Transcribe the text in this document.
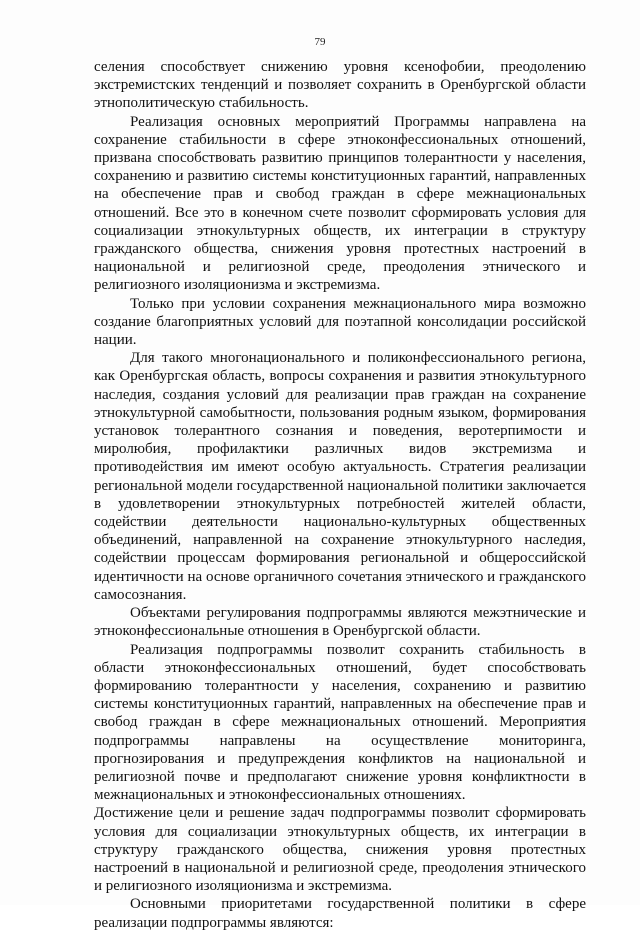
79

селения способствует снижению уровня ксенофобии, преодолению экстремистских тенденций и позволяет сохранить в Оренбургской области этнополитическую стабильность.

Реализация основных мероприятий Программы направлена на сохранение стабильности в сфере этноконфессиональных отношений, призвана способствовать развитию принципов толерантности у населения, сохранению и развитию системы конституционных гарантий, направленных на обеспечение прав и свобод граждан в сфере межнациональных отношений. Все это в конечном счете позволит сформировать условия для социализации этнокультурных обществ, их интеграции в структуру гражданского общества, снижения уровня протестных настроений в национальной и религиозной среде, преодоления этнического и религиозного изоляционизма и экстремизма.

Только при условии сохранения межнационального мира возможно создание благоприятных условий для поэтапной консолидации российской нации.

Для такого многонационального и поликонфессионального региона, как Оренбургская область, вопросы сохранения и развития этнокультурного наследия, создания условий для реализации прав граждан на сохранение этнокультурной самобытности, пользования родным языком, формирования установок толерантного сознания и поведения, веротерпимости и миролюбия, профилактики различных видов экстремизма и противодействия им имеют особую актуальность. Стратегия реализации региональной модели государственной национальной политики заключается в удовлетворении этнокультурных потребностей жителей области, содействии деятельности национально-культурных общественных объединений, направленной на сохранение этнокультурного наследия, содействии процессам формирования региональной и общероссийской идентичности на основе органичного сочетания этнического и гражданского самосознания.

Объектами регулирования подпрограммы являются межэтнические и этноконфессиональные отношения в Оренбургской области.

Реализация подпрограммы позволит сохранить стабильность в области этноконфессиональных отношений, будет способствовать формированию толерантности у населения, сохранению и развитию системы конституционных гарантий, направленных на обеспечение прав и свобод граждан в сфере межнациональных отношений. Мероприятия подпрограммы направлены на осуществление мониторинга, прогнозирования и предупреждения конфликтов на национальной и религиозной почве и предполагают снижение уровня конфликтности в межнациональных и этноконфессиональных отношениях.

Достижение цели и решение задач подпрограммы позволит сформировать условия для социализации этнокультурных обществ, их интеграции в структуру гражданского общества, снижения уровня протестных настроений в национальной и религиозной среде, преодоления этнического и религиозного изоляционизма и экстремизма.

Основными приоритетами государственной политики в сфере реализации подпрограммы являются:
